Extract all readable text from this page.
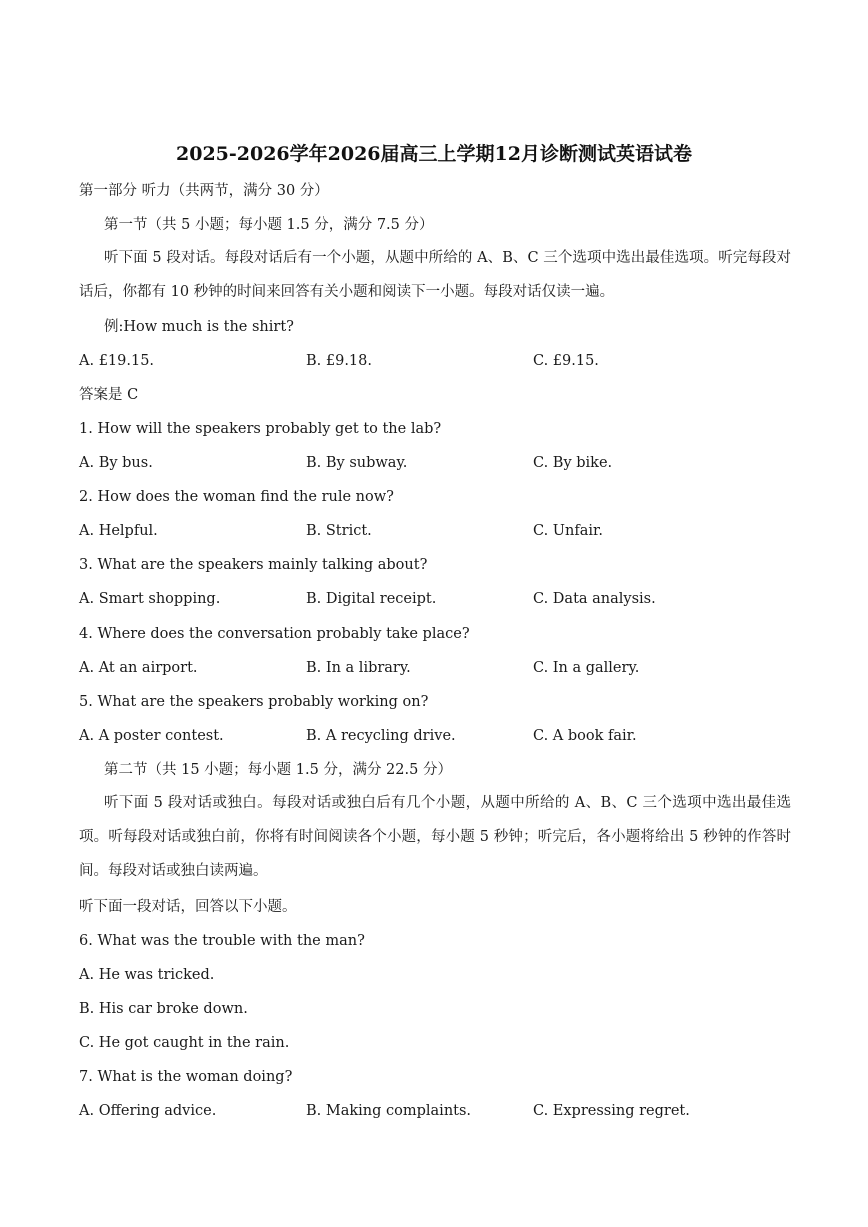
2025-2026学年2026届高三上学期12月诊断测试英语试卷
第一部分 听力（共两节，满分 30 分）
第一节（共 5 小题；每小题 1.5 分，满分 7.5 分）
听下面 5 段对话。每段对话后有一个小题，从题中所给的 A、B、C 三个选项中选出最佳选项。听完每段对话后，你都有 10 秒钟的时间来回答有关小题和阅读下一小题。每段对话仅读一遍。
例:How much is the shirt?
A. £19.15.	B. £9.18.	C. £9.15.
答案是 C
1. How will the speakers probably get to the lab?
A. By bus.	B. By subway.	C. By bike.
2. How does the woman find the rule now?
A. Helpful.	B. Strict.	C. Unfair.
3. What are the speakers mainly talking about?
A. Smart shopping.	B. Digital receipt.	C. Data analysis.
4. Where does the conversation probably take place?
A. At an airport.	B. In a library.	C. In a gallery.
5. What are the speakers probably working on?
A. A poster contest.	B. A recycling drive.	C. A book fair.
第二节（共 15 小题；每小题 1.5 分，满分 22.5 分）
听下面 5 段对话或独白。每段对话或独白后有几个小题，从题中所给的 A、B、C 三个选项中选出最佳选项。听每段对话或独白前，你将有时间阅读各个小题，每小题 5 秒钟；听完后，各小题将给出 5 秒钟的作答时间。每段对话或独白读两遍。
听下面一段对话，回答以下小题。
6. What was the trouble with the man?
A. He was tricked.
B. His car broke down.
C. He got caught in the rain.
7. What is the woman doing?
A. Offering advice.	B. Making complaints.	C. Expressing regret.
